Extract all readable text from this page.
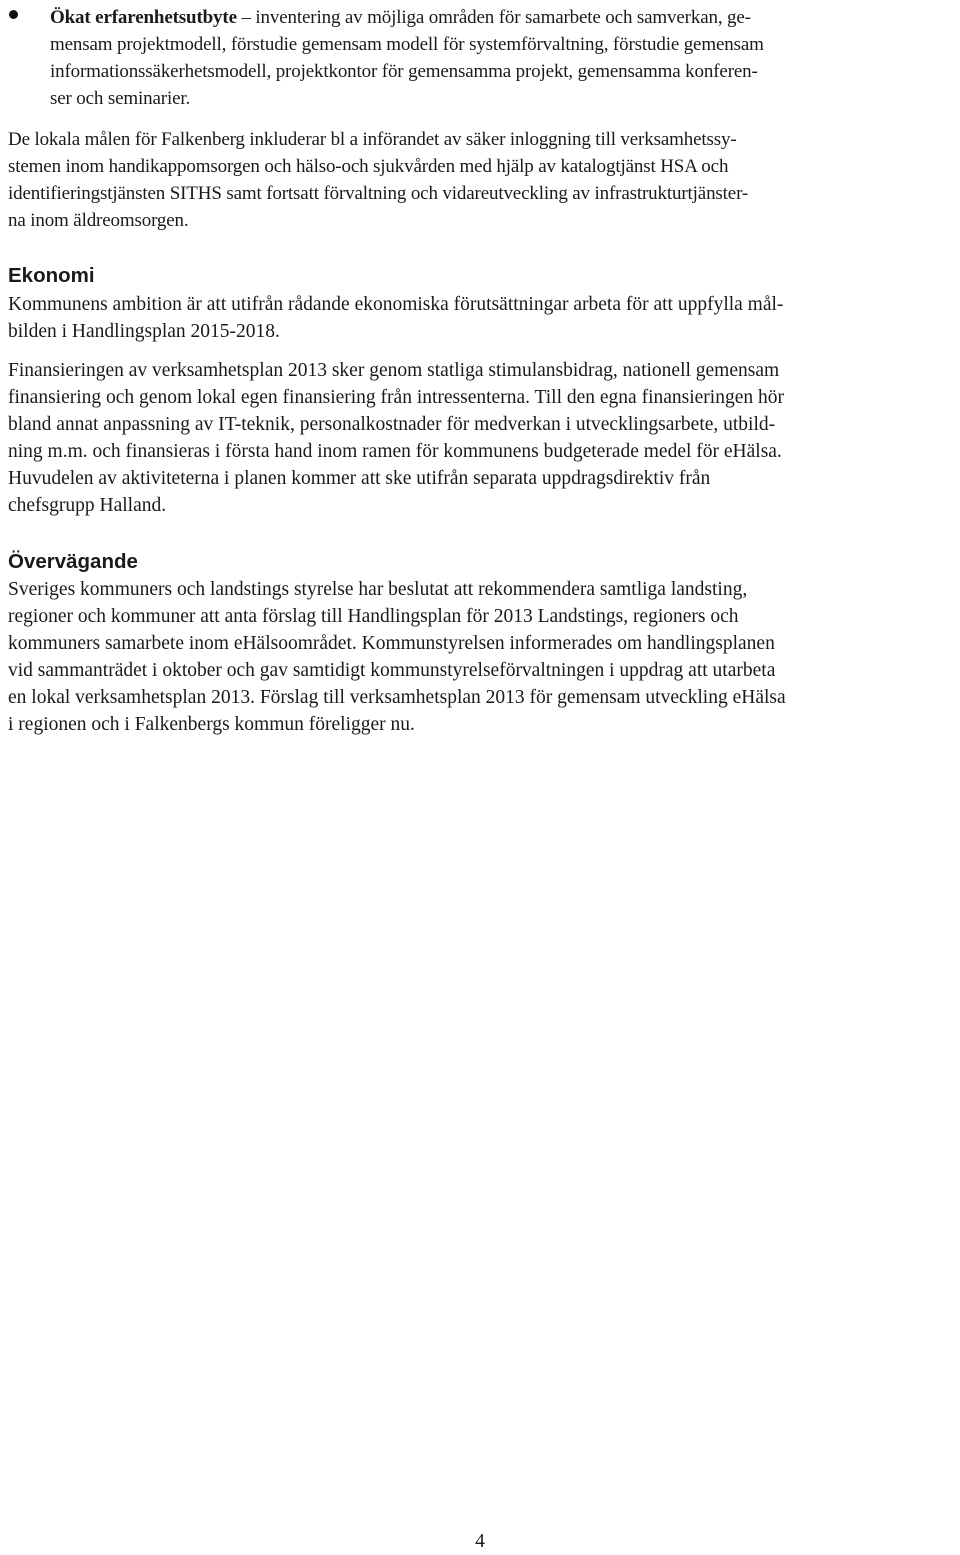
Ökat erfarenhetsutbyte – inventering av möjliga områden för samarbete och samverkan, ge-
mensam projektmodell, förstudie gemensam modell för systemförvaltning, förstudie gemensam
informationssäkerhetsmodell, projektkontor för gemensamma projekt, gemensamma konferen-
ser och seminarier.
De lokala målen för Falkenberg inkluderar bl a införandet av säker inloggning till verksamhetssy-
stemen inom handikappomsorgen och hälso-och sjukvården med hjälp av katalogtjänst HSA och
identifieringstjänsten SITHS samt fortsatt förvaltning och vidareutveckling av infrastrukturtjänster-
na inom äldreomsorgen.
Ekonomi
Kommunens ambition är att utifrån rådande ekonomiska förutsättningar arbeta för att uppfylla mål-
bilden i Handlingsplan 2015-2018.
Finansieringen av verksamhetsplan 2013 sker genom statliga stimulansbidrag, nationell gemensam
finansiering och genom lokal egen finansiering från intressenterna. Till den egna finansieringen hör
bland annat anpassning av IT-teknik, personalkostnader för medverkan i utvecklingsarbete, utbild-
ning m.m. och finansieras i första hand inom ramen för kommunens budgeterade medel för eHälsa.
Huvudelen av aktiviteterna i planen kommer att ske utifrån separata uppdragsdirektiv från
chefsgrupp Halland.
Övervägande
Sveriges kommuners och landstings styrelse har beslutat att rekommendera samtliga landsting,
regioner och kommuner att anta förslag till Handlingsplan för 2013 Landstings, regioners och
kommuners samarbete inom eHälsoområdet. Kommunstyrelsen informerades om handlingsplanen
vid sammanträdet i oktober och gav samtidigt kommunstyrelseförvaltningen i uppdrag att utarbeta
en lokal verksamhetsplan 2013. Förslag till verksamhetsplan 2013 för gemensam utveckling eHälsa
i regionen och i Falkenbergs kommun föreligger nu.
4
